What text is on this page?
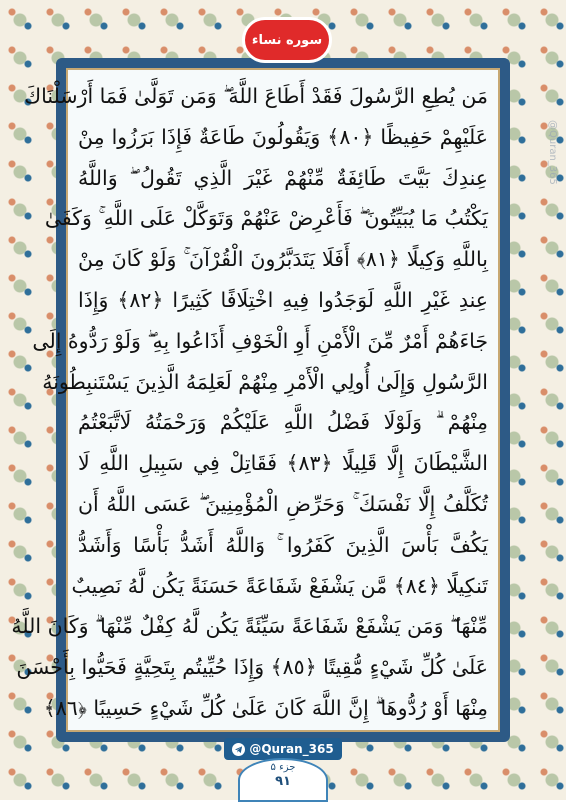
سوره نساء
@Quran_365
مَن يُطِعِ الرَّسُولَ فَقَدْ أَطَاعَ اللَّهَ ۖ وَمَن تَوَلَّىٰ فَمَا أَرْسَلْنَاكَ
عَلَيْهِمْ حَفِيظًا ﴿٨٠﴾ وَيَقُولُونَ طَاعَةٌ فَإِذَا بَرَزُوا مِنْ
عِندِكَ بَيَّتَ طَائِفَةٌ مِّنْهُمْ غَيْرَ الَّذِي تَقُولُ ۖ وَاللَّهُ
يَكْتُبُ مَا يُبَيِّتُونَ ۖ فَأَعْرِضْ عَنْهُمْ وَتَوَكَّلْ عَلَى اللَّهِ ۚ وَكَفَىٰ
بِاللَّهِ وَكِيلًا ﴿٨١﴾ أَفَلَا يَتَدَبَّرُونَ الْقُرْآنَ ۚ وَلَوْ كَانَ مِنْ
عِندِ غَيْرِ اللَّهِ لَوَجَدُوا فِيهِ اخْتِلَافًا كَثِيرًا ﴿٨٢﴾ وَإِذَا
جَاءَهُمْ أَمْرٌ مِّنَ الْأَمْنِ أَوِ الْخَوْفِ أَذَاعُوا بِهِ ۖ وَلَوْ رَدُّوهُ إِلَى
الرَّسُولِ وَإِلَىٰ أُولِي الْأَمْرِ مِنْهُمْ لَعَلِمَهُ الَّذِينَ يَسْتَنبِطُونَهُ
مِنْهُمْ ۗ وَلَوْلَا فَضْلُ اللَّهِ عَلَيْكُمْ وَرَحْمَتُهُ لَاتَّبَعْتُمُ
الشَّيْطَانَ إِلَّا قَلِيلًا ﴿٨٣﴾ فَقَاتِلْ فِي سَبِيلِ اللَّهِ لَا
تُكَلَّفُ إِلَّا نَفْسَكَ ۚ وَحَرِّضِ الْمُؤْمِنِينَ ۖ عَسَى اللَّهُ أَن
يَكُفَّ بَأْسَ الَّذِينَ كَفَرُوا ۚ وَاللَّهُ أَشَدُّ بَأْسًا وَأَشَدُّ
تَنكِيلًا ﴿٨٤﴾ مَّن يَشْفَعْ شَفَاعَةً حَسَنَةً يَكُن لَّهُ نَصِيبٌ
مِّنْهَا ۖ وَمَن يَشْفَعْ شَفَاعَةً سَيِّئَةً يَكُن لَّهُ كِفْلٌ مِّنْهَا ۗ وَكَانَ اللَّهُ
عَلَىٰ كُلِّ شَيْءٍ مُّقِيتًا ﴿٨٥﴾ وَإِذَا حُيِّيتُم بِتَحِيَّةٍ فَحَيُّوا بِأَحْسَنَ
مِنْهَا أَوْ رُدُّوهَا ۗ إِنَّ اللَّهَ كَانَ عَلَىٰ كُلِّ شَيْءٍ حَسِيبًا ﴿٨٦﴾
@Quran_365
جزء ۵
۹۱
